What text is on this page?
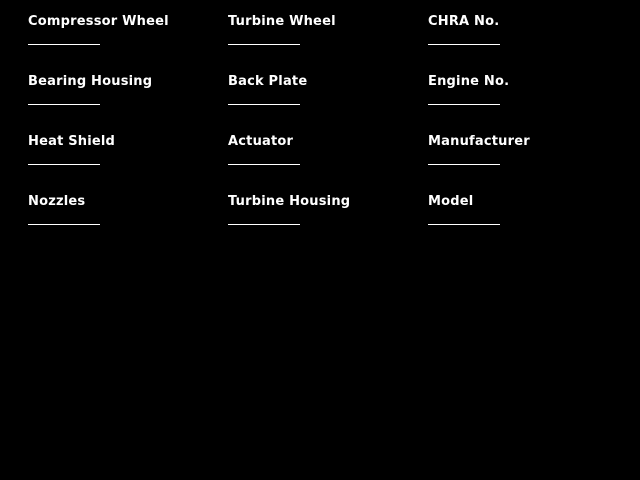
Compressor Wheel	Turbine Wheel	CHRA No.
Bearing Housing	Back Plate	Engine No.
Heat Shield	Actuator	Manufacturer
Nozzles	Turbine Housing	Model
